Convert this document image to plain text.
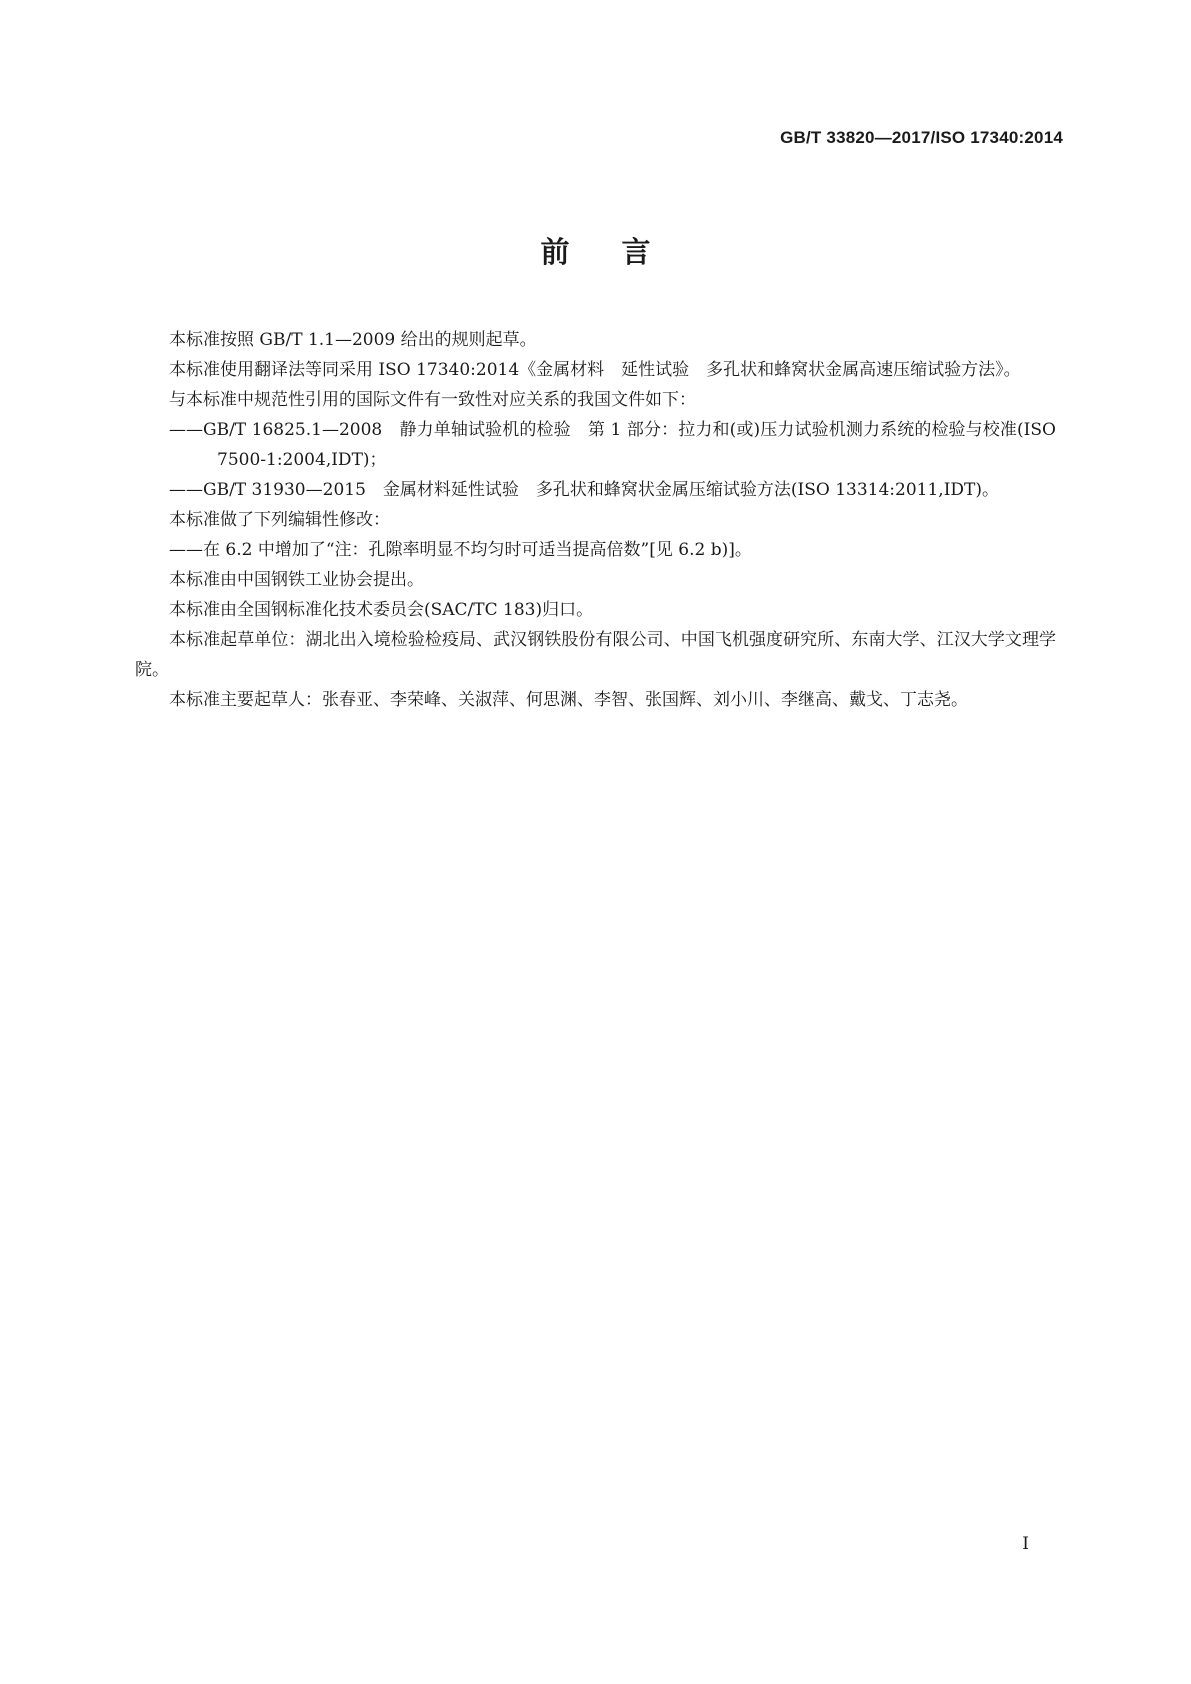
GB/T 33820—2017/ISO 17340:2014
前言

本标准按照 GB/T 1.1—2009 给出的规则起草。

本标准使用翻译法等同采用 ISO 17340:2014《金属材料　延性试验　多孔状和蜂窝状金属高速压缩试验方法》。

与本标准中规范性引用的国际文件有一致性对应关系的我国文件如下：

——GB/T 16825.1—2008　静力单轴试验机的检验　第 1 部分：拉力和(或)压力试验机测力系统的检验与校准(ISO 7500-1:2004,IDT)；

——GB/T 31930—2015　金属材料延性试验　多孔状和蜂窝状金属压缩试验方法(ISO 13314:2011,IDT)。

本标准做了下列编辑性修改：

——在 6.2 中增加了“注：孔隙率明显不均匀时可适当提高倍数”[见 6.2 b)]。

本标准由中国钢铁工业协会提出。

本标准由全国钢标准化技术委员会(SAC/TC 183)归口。

本标准起草单位：湖北出入境检验检疫局、武汉钢铁股份有限公司、中国飞机强度研究所、东南大学、江汉大学文理学院。

本标准主要起草人：张春亚、李荣峰、关淑萍、何思渊、李智、张国辉、刘小川、李继高、戴戈、丁志尧。

I
